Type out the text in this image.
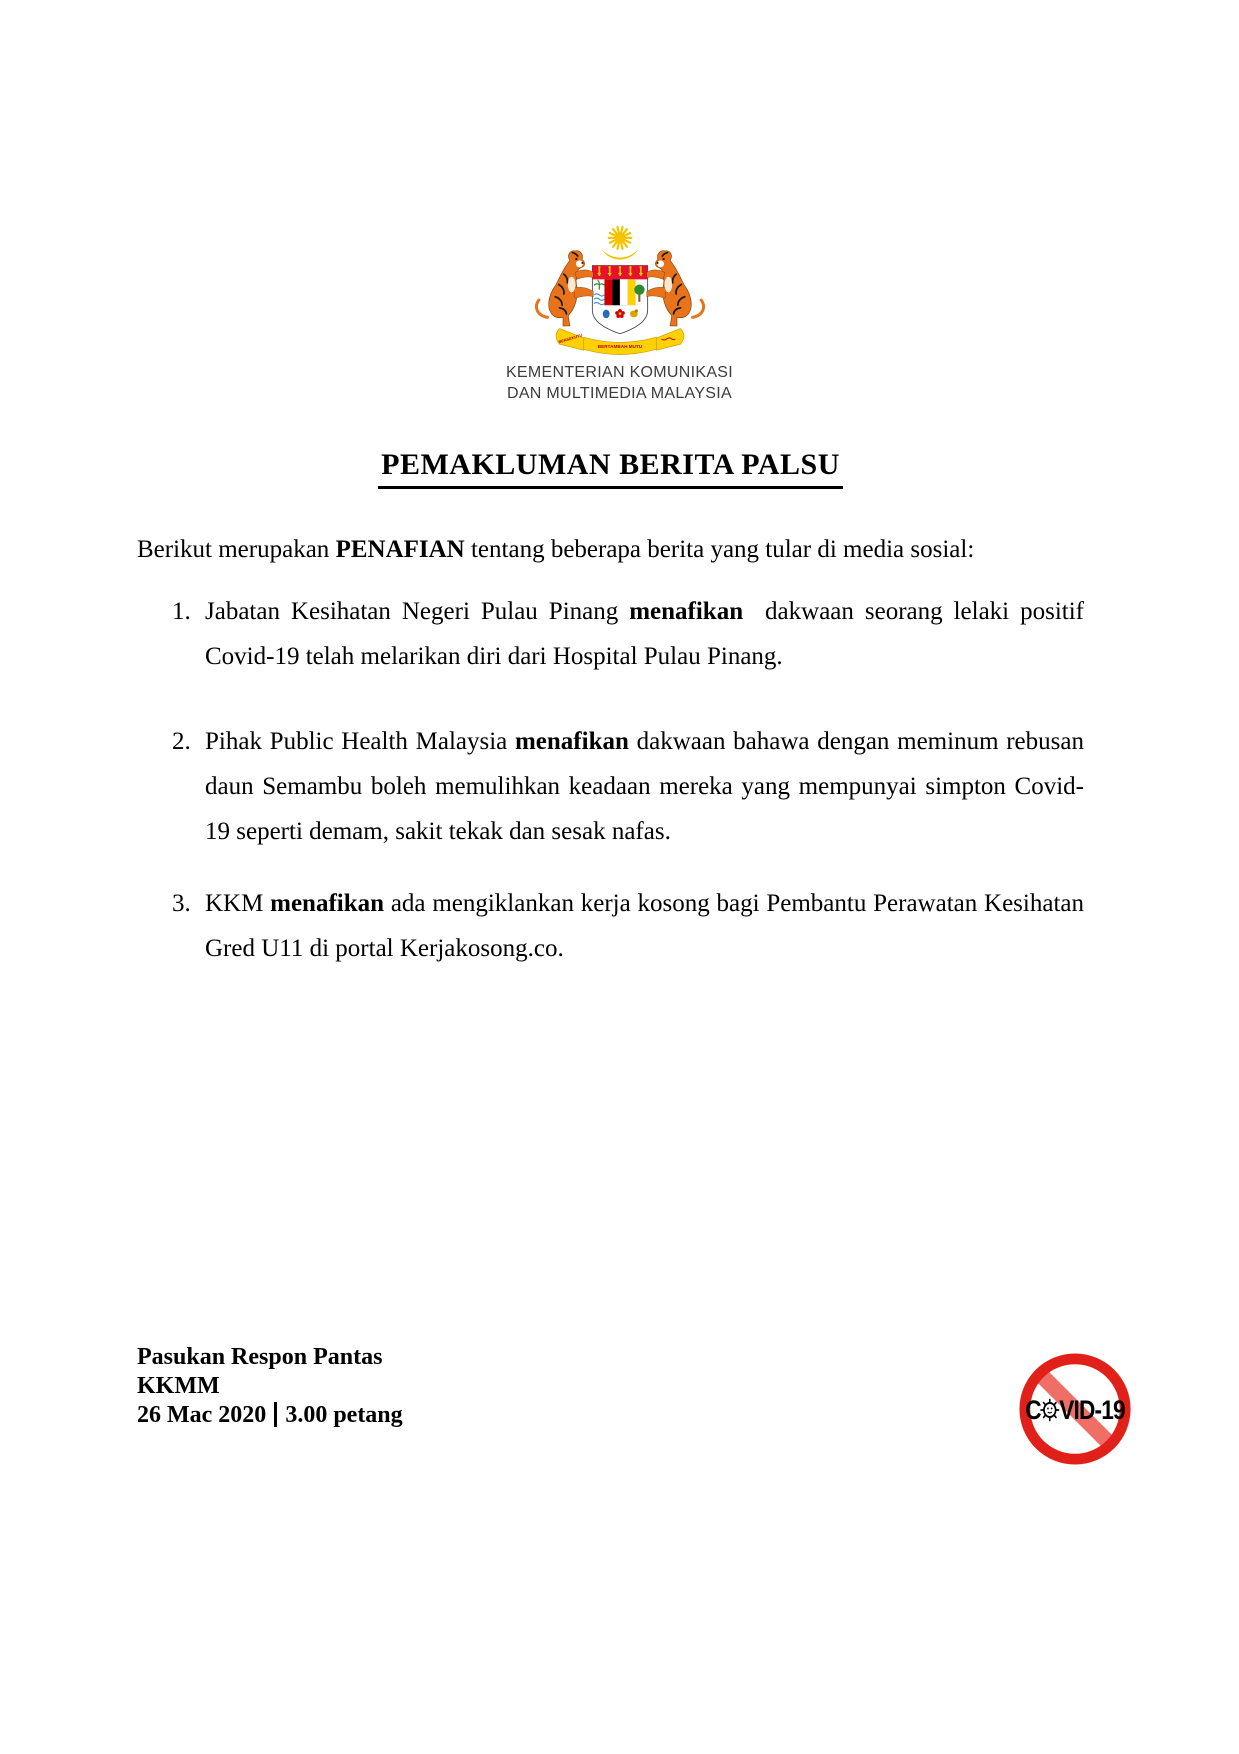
BERSEKUTU
BERTAMBAH MUTU
KEMENTERIAN KOMUNIKASI
DAN MULTIMEDIA MALAYSIA
PEMAKLUMAN BERITA PALSU
Berikut merupakan PENAFIAN tentang beberapa berita yang tular di media sosial:
1. Jabatan Kesihatan Negeri Pulau Pinang menafikan  dakwaan seorang lelaki positif Covid-19 telah melarikan diri dari Hospital Pulau Pinang.
2. Pihak Public Health Malaysia menafikan dakwaan bahawa dengan meminum rebusan daun Semambu boleh memulihkan keadaan mereka yang mempunyai simpton Covid-19 seperti demam, sakit tekak dan sesak nafas.
3. KKM menafikan ada mengiklankan kerja kosong bagi Pembantu Perawatan Kesihatan Gred U11 di portal Kerjakosong.co.
Pasukan Respon Pantas
KKMM
26 Mac 2020 3.00 petang	C VID-19
